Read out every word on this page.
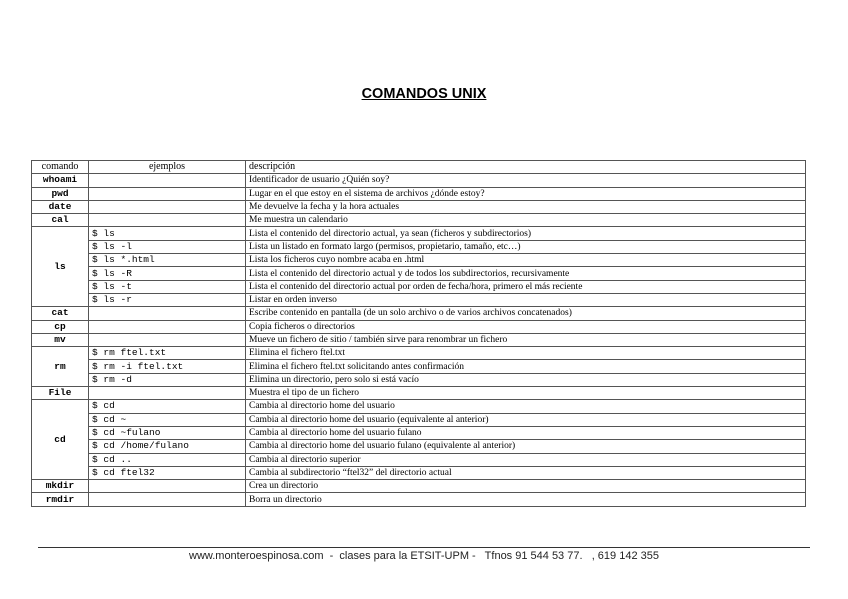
COMANDOS UNIX
comando	ejemplos	descripción
whoami		Identificador de usuario ¿Quién soy?
pwd		Lugar en el que estoy en el sistema de archivos ¿dónde estoy?
date		Me devuelve la fecha y la hora actuales
cal		Me muestra un calendario
ls	$ ls	Lista el contenido del directorio actual, ya sean (ficheros y subdirectorios)
	$ ls -l	Lista un listado en formato largo (permisos, propietario, tamaño, etc…)
	$ ls *.html	Lista los ficheros cuyo nombre acaba en .html
	$ ls -R	Lista el contenido del directorio actual y de todos los subdirectorios, recursivamente
	$ ls -t	Lista el contenido del directorio actual por orden de fecha/hora, primero el más reciente
	$ ls -r	Listar en orden inverso
cat		Escribe contenido en pantalla (de un solo archivo o de varios archivos concatenados)
cp		Copia ficheros o directorios
mv		Mueve un fichero de sitio / también sirve para renombrar un fichero
rm	$ rm ftel.txt	Elimina el fichero ftel.txt
	$ rm -i ftel.txt	Elimina el fichero ftel.txt solicitando antes confirmación
	$ rm -d	Elimina un directorio, pero solo si está vacío
File		Muestra el tipo de un fichero
cd	$ cd	Cambia al directorio home del usuario
	$ cd ~	Cambia al directorio home del usuario (equivalente al anterior)
	$ cd ~fulano	Cambia al directorio home del usuario fulano
	$ cd /home/fulano	Cambia al directorio home del usuario fulano (equivalente al anterior)
	$ cd ..	Cambia al directorio superior
	$ cd ftel32	Cambia al subdirectorio “ftel32” del directorio actual
mkdir		Crea un directorio
rmdir		Borra un directorio
www.monteroespinosa.com  -  clases para la ETSIT-UPM -   Tfnos 91 544 53 77.   , 619 142 355
